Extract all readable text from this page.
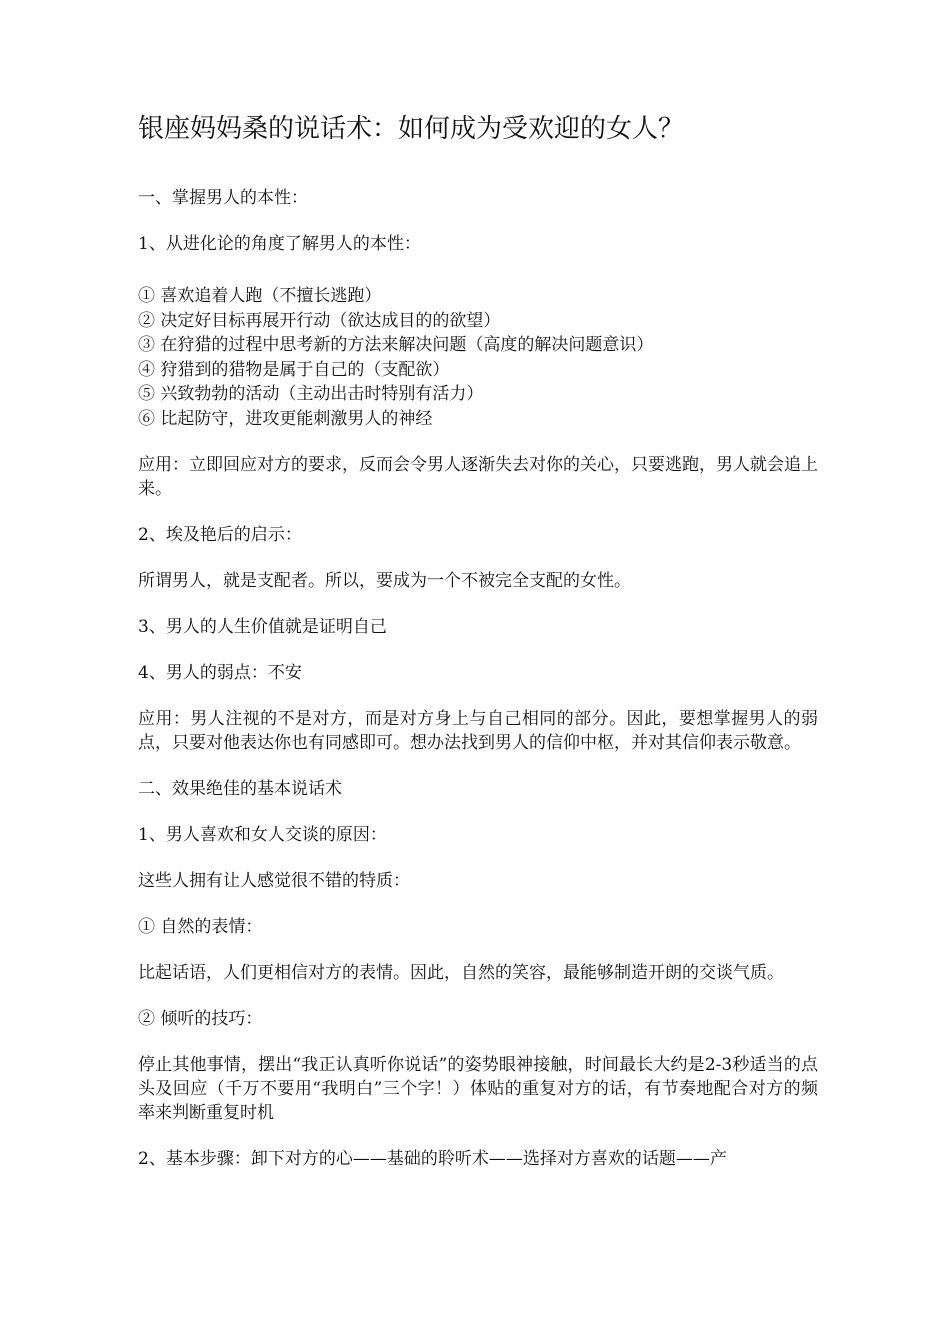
银座妈妈桑的说话术：如何成为受欢迎的女人？

一、掌握男人的本性：

1、从进化论的角度了解男人的本性：

① 喜欢追着人跑（不擅长逃跑）
② 决定好目标再展开行动（欲达成目的的欲望）
③ 在狩猎的过程中思考新的方法来解决问题（高度的解决问题意识）
④ 狩猎到的猎物是属于自己的（支配欲）
⑤ 兴致勃勃的活动（主动出击时特别有活力）
⑥ 比起防守，进攻更能刺激男人的神经

应用：立即回应对方的要求，反而会令男人逐渐失去对你的关心，只要逃跑，男人就会追上来。

2、埃及艳后的启示：

所谓男人，就是支配者。所以，要成为一个不被完全支配的女性。

3、男人的人生价值就是证明自己

4、男人的弱点：不安

应用：男人注视的不是对方，而是对方身上与自己相同的部分。因此，要想掌握男人的弱点，只要对他表达你也有同感即可。想办法找到男人的信仰中枢，并对其信仰表示敬意。

二、效果绝佳的基本说话术

1、男人喜欢和女人交谈的原因：

这些人拥有让人感觉很不错的特质：

① 自然的表情：

比起话语，人们更相信对方的表情。因此，自然的笑容，最能够制造开朗的交谈气质。

② 倾听的技巧：

停止其他事情，摆出“我正认真听你说话”的姿势眼神接触，时间最长大约是2-3秒适当的点头及回应（千万不要用“我明白”三个字！）体贴的重复对方的话，有节奏地配合对方的频率来判断重复时机

2、基本步骤：卸下对方的心——基础的聆听术——选择对方喜欢的话题——产
